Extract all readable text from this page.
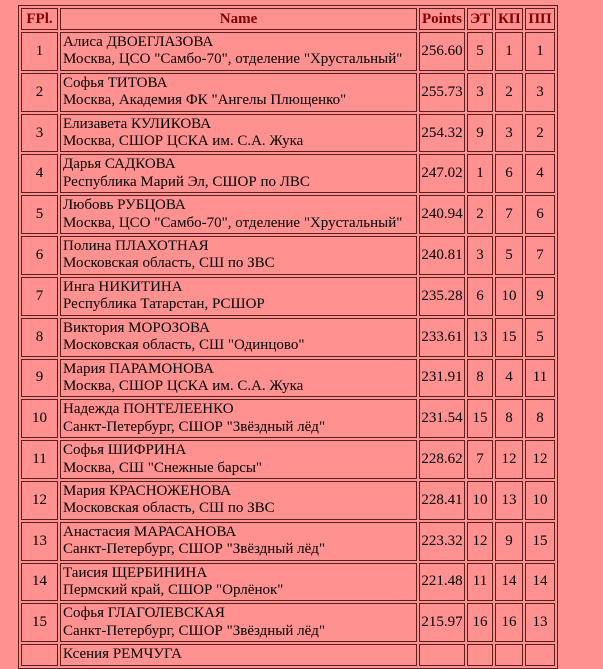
FPl.	Name	Points	ЭТ	КП	ПП
1	Алиса ДВОЕГЛАЗОВА
Москва, ЦСО "Самбо-70", отделение "Хрустальный"	256.60	5	1	1
2	Софья ТИТОВА
Москва, Академия ФК "Ангелы Плющенко"	255.73	3	2	3
3	Елизавета КУЛИКОВА
Москва, СШОР ЦСКА им. С.А. Жука	254.32	9	3	2
4	Дарья САДКОВА
Республика Марий Эл, СШОР по ЛВС	247.02	1	6	4
5	Любовь РУБЦОВА
Москва, ЦСО "Самбо-70", отделение "Хрустальный"	240.94	2	7	6
6	Полина ПЛАХОТНАЯ
Московская область, СШ по ЗВС	240.81	3	5	7
7	Инга НИКИТИНА
Республика Татарстан, РСШОР	235.28	6	10	9
8	Виктория МОРОЗОВА
Московская область, СШ "Одинцово"	233.61	13	15	5
9	Мария ПАРАМОНОВА
Москва, СШОР ЦСКА им. С.А. Жука	231.91	8	4	11
10	Надежда ПОНТЕЛЕЕНКО
Санкт-Петербург, СШОР "Звёздный лёд"	231.54	15	8	8
11	Софья ШИФРИНА
Москва, СШ "Снежные барсы"	228.62	7	12	12
12	Мария КРАСНОЖЕНОВА
Московская область, СШ по ЗВС	228.41	10	13	10
13	Анастасия МАРАСАНОВА
Санкт-Петербург, СШОР "Звёздный лёд"	223.32	12	9	15
14	Таисия ЩЕРБИНИНА
Пермский край, СШОР "Орлёнок"	221.48	11	14	14
15	Софья ГЛАГОЛЕВСКАЯ
Санкт-Петербург, СШОР "Звёздный лёд"	215.97	16	16	13

	Ксения РЕМЧУГА				
